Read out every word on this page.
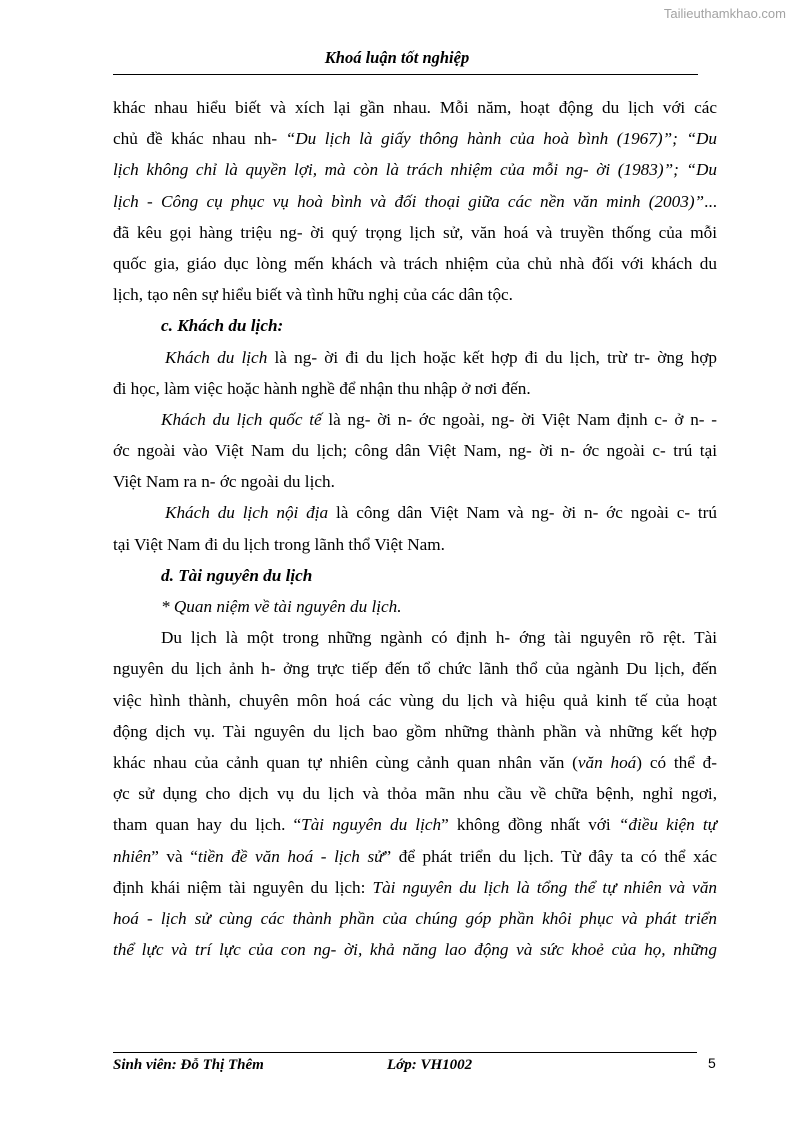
Tailieuthamkhao.com
Khoá luận tốt nghiệp
khác nhau hiểu biết và xích lại gần nhau. Mỗi năm, hoạt động du lịch với các
chủ đề khác nhau nh- “Du lịch là giấy thông hành của hoà bình (1967)”; “Du
lịch không chỉ là quyền lợi, mà còn là trách nhiệm của mỗi ng- ời (1983)”; “Du
lịch - Công cụ phục vụ hoà bình và đối thoại giữa các nền văn minh (2003)”...
đã kêu gọi hàng triệu ng- ời quý trọng lịch sử, văn hoá và truyền thống của mỗi
quốc gia, giáo dục lòng mến khách và trách nhiệm của chủ nhà đối với khách du
lịch, tạo nên sự hiểu biết và tình hữu nghị của các dân tộc.
c. Khách du lịch:
Khách du lịch là ng- ời đi du lịch hoặc kết hợp đi du lịch, trừ tr- ờng hợp
đi học, làm việc hoặc hành nghề để nhận thu nhập ở nơi đến.
Khách du lịch quốc tế là ng- ời n- ớc ngoài, ng- ời Việt Nam định c- ở n- -
ớc ngoài vào Việt Nam du lịch; công dân Việt Nam, ng- ời n- ớc ngoài c- trú tại
Việt Nam ra n- ớc ngoài du lịch.
Khách du lịch nội địa là công dân Việt Nam và ng- ời n- ớc ngoài c- trú
tại Việt Nam đi du lịch trong lãnh thổ Việt Nam.
d. Tài nguyên du lịch
* Quan niệm về tài nguyên du lịch.
Du lịch là một trong những ngành có định h- ớng tài nguyên rõ rệt. Tài
nguyên du lịch ảnh h- ởng trực tiếp đến tổ chức lãnh thổ của ngành Du lịch, đến
việc hình thành, chuyên môn hoá các vùng du lịch và hiệu quả kinh tế của hoạt
động dịch vụ. Tài nguyên du lịch bao gồm những thành phần và những kết hợp
khác nhau của cảnh quan tự nhiên cùng cảnh quan nhân văn (văn hoá) có thể đ-
ợc sử dụng cho dịch vụ du lịch và thỏa mãn nhu cầu về chữa bệnh, nghỉ ngơi,
tham quan hay du lịch. “Tài nguyên du lịch” không đồng nhất với “điều kiện tự
nhiên” và “tiền đề văn hoá - lịch sử” để phát triển du lịch. Từ đây ta có thể xác
định khái niệm tài nguyên du lịch: Tài nguyên du lịch là tổng thể tự nhiên và văn
hoá - lịch sử cùng các thành phần của chúng góp phần khôi phục và phát triển
thể lực và trí lực của con ng- ời, khả năng lao động và sức khoẻ của họ, những
Sinh viên: Đỗ Thị Thêm	Lớp: VH1002	5
